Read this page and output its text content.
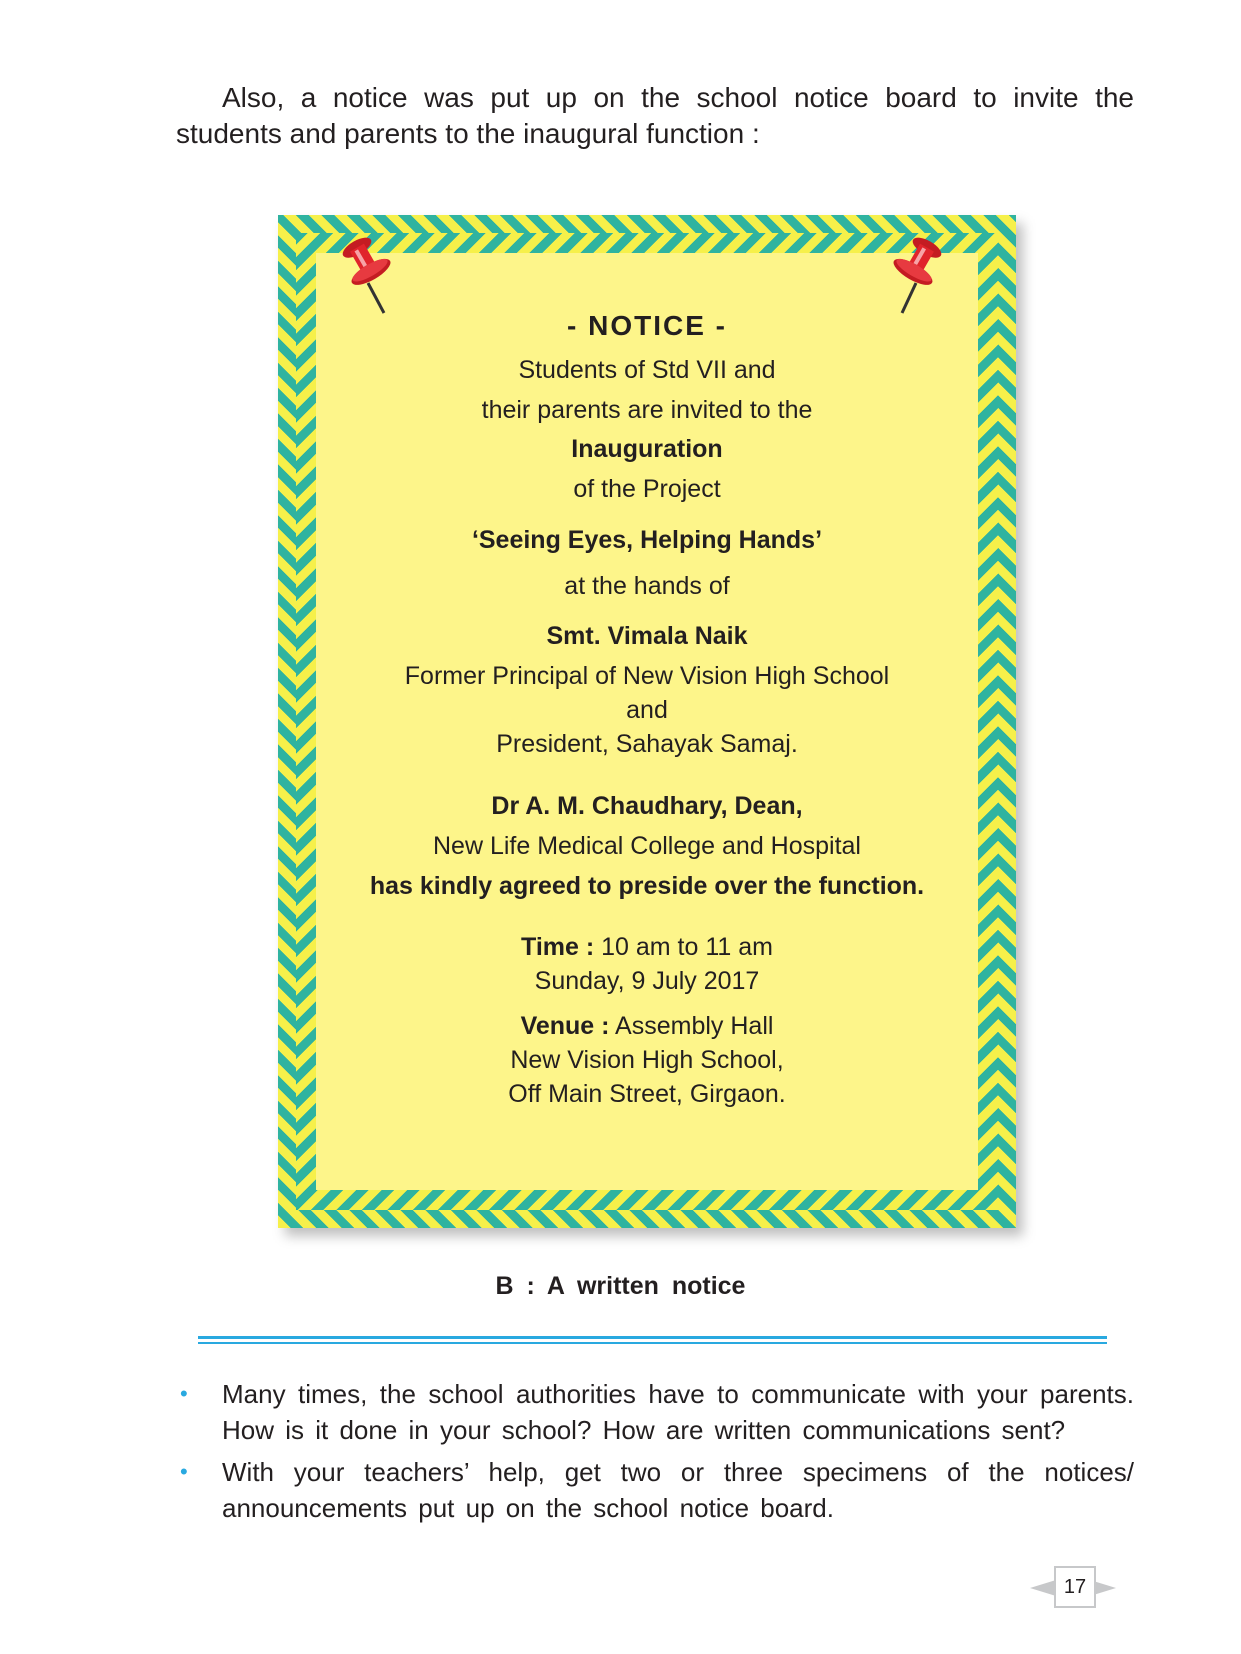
Also, a notice was put up on the school notice board to invite the students and parents to the inaugural function :

- NOTICE -
Students of Std VII and
their parents are invited to the
Inauguration
of the Project
‘Seeing Eyes, Helping Hands’
at the hands of
Smt. Vimala Naik
Former Principal of New Vision High School
and
President, Sahayak Samaj.
Dr A. M. Chaudhary, Dean,
New Life Medical College and Hospital
has kindly agreed to preside over the function.
Time : 10 am to 11 am
Sunday, 9 July 2017
Venue : Assembly Hall
New Vision High School,
Off Main Street, Girgaon.
B : A written notice
• Many times, the school authorities have to communicate with your parents. How is it done in your school? How are written communications sent?
• With your teachers’ help, get two or three specimens of the notices/ announcements put up on the school notice board.
17
